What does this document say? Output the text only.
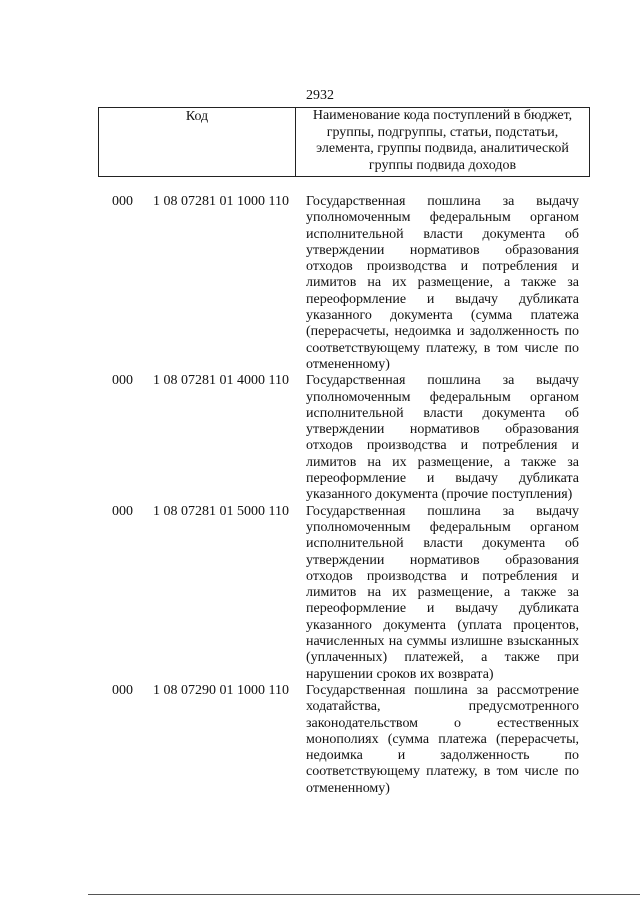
2932
Код	Наименование кода поступлений в бюджет,
группы, подгруппы, статьи, подстатьи,
элемента, группы подвида, аналитической
группы подвида доходов
000 1 08 07281 01 1000 110 Государственная пошлина за выдачу
уполномоченным федеральным органом
исполнительной власти документа об
утверждении нормативов образования
отходов производства и потребления и
лимитов на их размещение, а также за
переоформление и выдачу дубликата
указанного документа (сумма платежа
(перерасчеты, недоимка и задолженность по
соответствующему платежу, в том числе по
отмененному)
000 1 08 07281 01 4000 110 Государственная пошлина за выдачу
уполномоченным федеральным органом
исполнительной власти документа об
утверждении нормативов образования
отходов производства и потребления и
лимитов на их размещение, а также за
переоформление и выдачу дубликата
указанного документа (прочие поступления)
000 1 08 07281 01 5000 110 Государственная пошлина за выдачу
уполномоченным федеральным органом
исполнительной власти документа об
утверждении нормативов образования
отходов производства и потребления и
лимитов на их размещение, а также за
переоформление и выдачу дубликата
указанного документа (уплата процентов,
начисленных на суммы излишне взысканных
(уплаченных) платежей, а также при
нарушении сроков их возврата)
000 1 08 07290 01 1000 110 Государственная пошлина за рассмотрение
ходатайства, предусмотренного
законодательством о естественных
монополиях (сумма платежа (перерасчеты,
недоимка и задолженность по
соответствующему платежу, в том числе по
отмененному)
